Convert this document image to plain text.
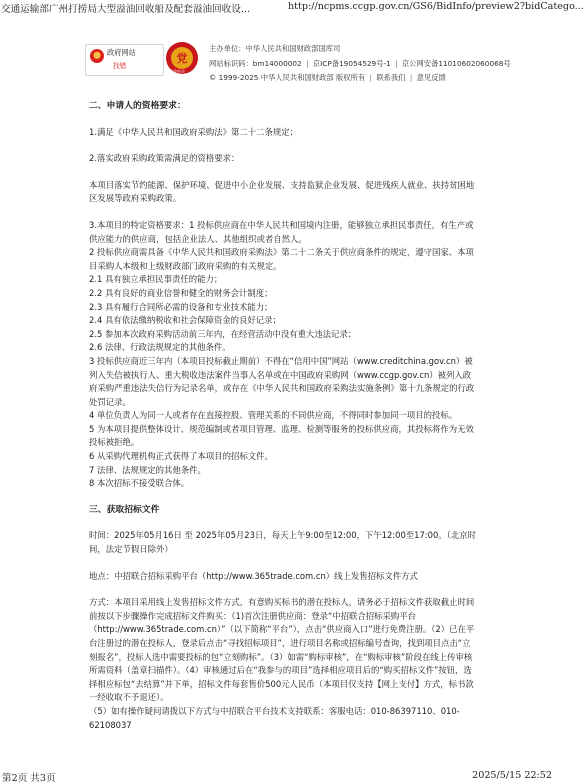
交通运输部广州打捞局大型溢油回收船及配套溢油回收设...	http://ncpms.ccgp.gov.cn/GS6/BidInfo/preview2?bidCatego...
政府网站
找错
党
党政机关
主办单位：中华人民共和国财政部国库司
网站标识码：bm14000002 | 京ICP备19054529号-1 | 京公网安备11010602060068号
© 1999-2025 中华人民共和国财政部 版权所有 | 联系我们 | 意见反馈

二、申请人的资格要求：

1.满足《中华人民共和国政府采购法》第二十二条规定；

2.落实政府采购政策需满足的资格要求：

本项目落实节约能源、保护环境、促进中小企业发展、支持监狱企业发展、促进残疾人就业、扶持贫困地区发展等政府采购政策。

3.本项目的特定资格要求：1 投标供应商在中华人民共和国境内注册，能够独立承担民事责任，有生产或供应能力的供应商，包括企业法人、其他组织或者自然人。

2 投标供应商需具备《中华人民共和国政府采购法》第二十二条关于供应商条件的规定，遵守国家、本项目采购人本级和上级财政部门政府采购的有关规定。

2.1 具有独立承担民事责任的能力；

2.2 具有良好的商业信誉和健全的财务会计制度；

2.3 具有履行合同所必需的设备和专业技术能力；

2.4 具有依法缴纳税收和社会保障资金的良好记录；

2.5 参加本次政府采购活动前三年内，在经营活动中没有重大违法记录；

2.6 法律、行政法规规定的其他条件。

3 投标供应商近三年内（本项目投标截止期前）不得在“信用中国”网站（www.creditchina.gov.cn）被列入失信被执行人、重大税收违法案件当事人名单或在中国政府采购网（www.ccgp.gov.cn）被列入政府采购严重违法失信行为记录名单，或存在《中华人民共和国政府采购法实施条例》第十九条规定的行政处罚记录。

4 单位负责人为同一人或者存在直接控股、管理关系的不同供应商，不得同时参加同一项目的投标。

5 为本项目提供整体设计、规范编制或者项目管理、监理、检测等服务的投标供应商，其投标将作为无效投标被拒绝。

6 从采购代理机构正式获得了本项目的招标文件。

7 法律、法规规定的其他条件。

8 本次招标不接受联合体。

三、获取招标文件

时间：2025年05月16日 至 2025年05月23日，每天上午9:00至12:00，下午12:00至17:00。（北京时间，法定节假日除外）

地点：中招联合招标采购平台（http://www.365trade.com.cn）线上发售招标文件方式

方式：本项目采用线上发售招标文件方式，有意购买标书的潜在投标人，请务必于招标文件获取截止时间前按以下步骤操作完成招标文件购买：（1)首次注册供应商：登录“中招联合招标采购平台（http://www.365trade.com.cn）”（以下简称“平台”），点击“供应商入口”进行免费注册。（2）已在平台注册过的潜在投标人，登录后点击“寻找招标项目”，进行项目名称或招标编号查询，找到项目点击“立刻报名”，投标人选中需要投标的包“立刻购标”。（3）如需“购标审核”，在“购标审核”阶段在线上传审核所需资料（盖章扫描件）。（4）审核通过后在“我参与的项目”选择相应项目后的“购买招标文件”按钮，选择相应标包“去结算”并下单，招标文件每套售价500元人民币（本项目仅支持【网上支付】方式，标书款一经收取不予退还）。

（5）如有操作疑问请拨以下方式与中招联合平台技术支持联系：客服电话：010-86397110、010-62108037

第2页 共3页	2025/5/15 22:52
